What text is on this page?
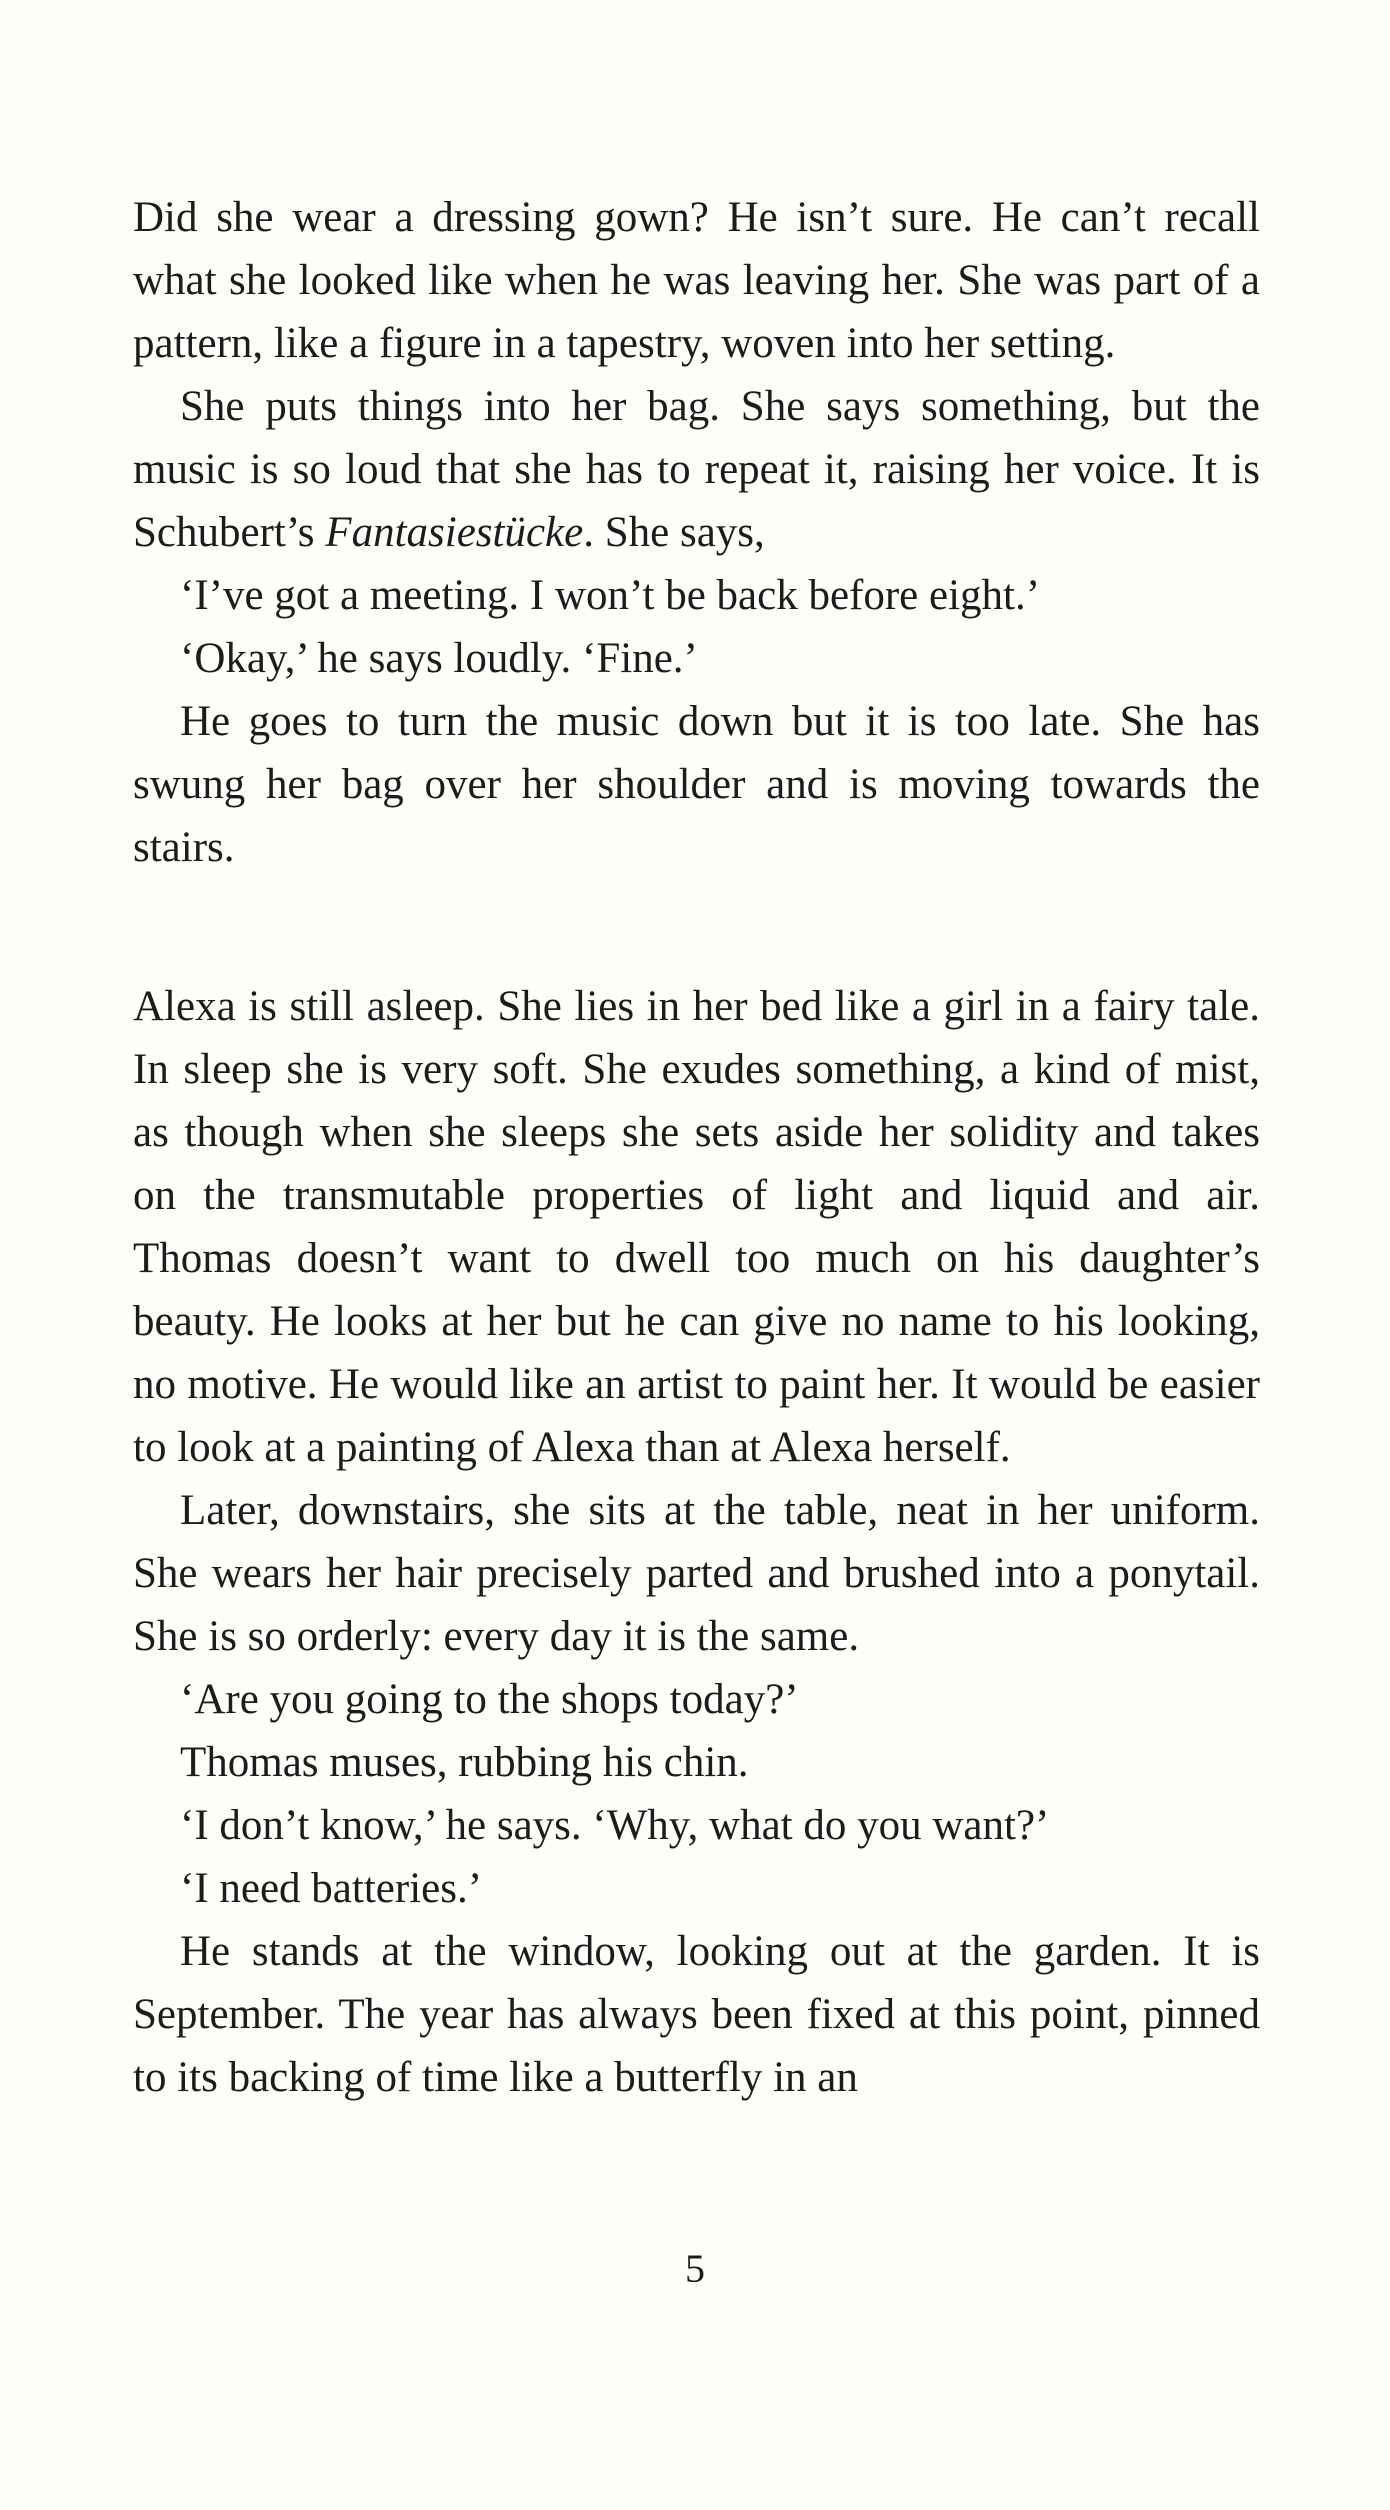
Did she wear a dressing gown? He isn’t sure. He can’t recall what she looked like when he was leaving her. She was part of a pattern, like a figure in a tapestry, woven into her setting.

She puts things into her bag. She says something, but the music is so loud that she has to repeat it, raising her voice. It is Schubert’s Fantasiestücke. She says,

‘I’ve got a meeting. I won’t be back before eight.’

‘Okay,’ he says loudly. ‘Fine.’

He goes to turn the music down but it is too late. She has swung her bag over her shoulder and is moving towards the stairs.

Alexa is still asleep. She lies in her bed like a girl in a fairy tale. In sleep she is very soft. She exudes something, a kind of mist, as though when she sleeps she sets aside her solidity and takes on the transmutable properties of light and liquid and air. Thomas doesn’t want to dwell too much on his daughter’s beauty. He looks at her but he can give no name to his looking, no motive. He would like an artist to paint her. It would be easier to look at a painting of Alexa than at Alexa herself.

Later, downstairs, she sits at the table, neat in her uniform. She wears her hair precisely parted and brushed into a ponytail. She is so orderly: every day it is the same.

‘Are you going to the shops today?’

Thomas muses, rubbing his chin.

‘I don’t know,’ he says. ‘Why, what do you want?’

‘I need batteries.’

He stands at the window, looking out at the garden. It is September. The year has always been fixed at this point, pinned to its backing of time like a butterfly in an

5
